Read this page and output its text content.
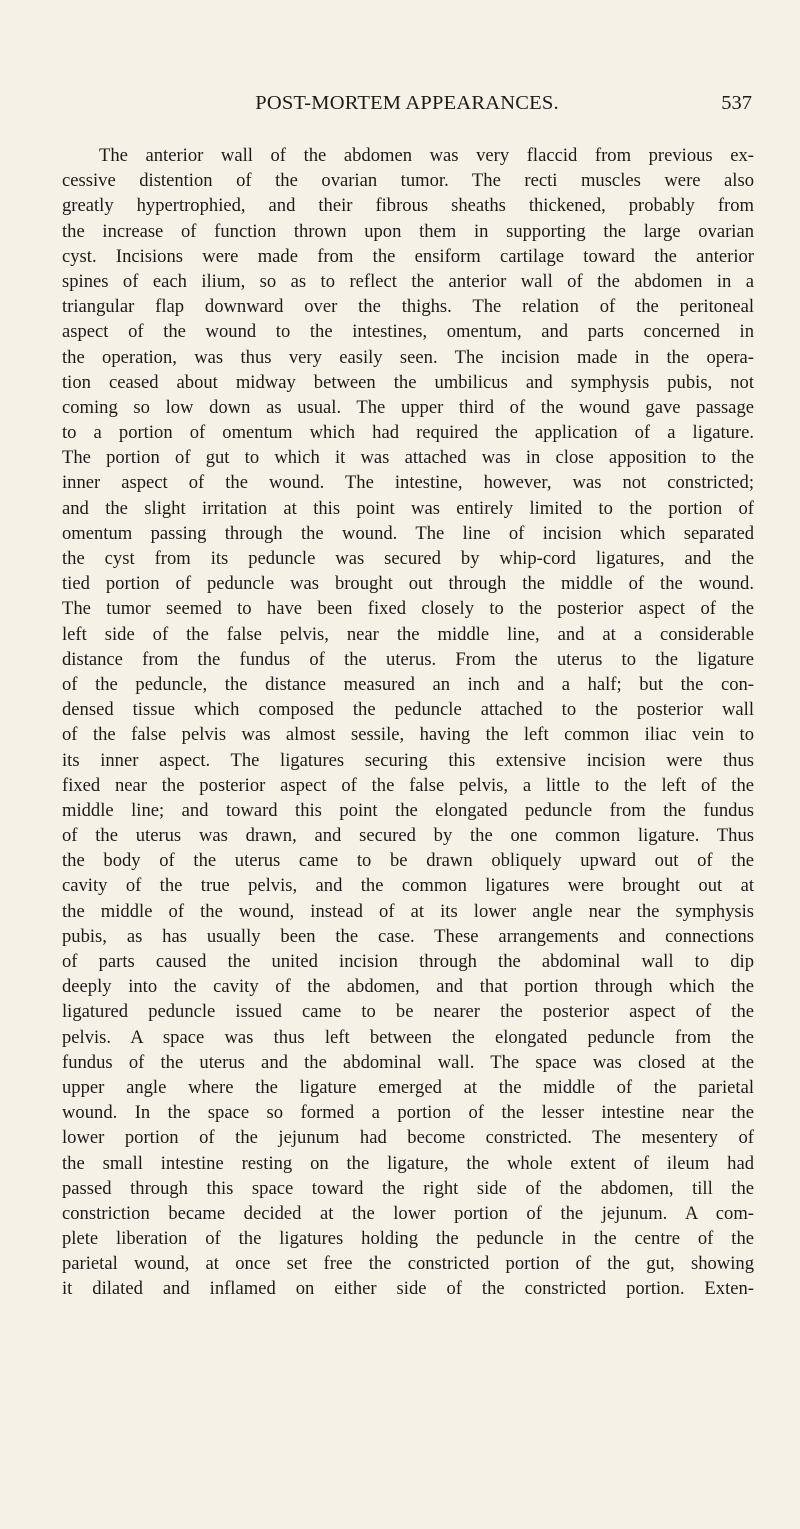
POST-MORTEM APPEARANCES.	537
The anterior wall of the abdomen was very flaccid from previous ex-
cessive distention of the ovarian tumor. The recti muscles were also
greatly hypertrophied, and their fibrous sheaths thickened, probably from
the increase of function thrown upon them in supporting the large ovarian
cyst. Incisions were made from the ensiform cartilage toward the anterior
spines of each ilium, so as to reflect the anterior wall of the abdomen in a
triangular flap downward over the thighs. The relation of the peritoneal
aspect of the wound to the intestines, omentum, and parts concerned in
the operation, was thus very easily seen. The incision made in the opera-
tion ceased about midway between the umbilicus and symphysis pubis, not
coming so low down as usual. The upper third of the wound gave passage
to a portion of omentum which had required the application of a ligature.
The portion of gut to which it was attached was in close apposition to the
inner aspect of the wound. The intestine, however, was not constricted;
and the slight irritation at this point was entirely limited to the portion of
omentum passing through the wound. The line of incision which separated
the cyst from its peduncle was secured by whip-cord ligatures, and the
tied portion of peduncle was brought out through the middle of the wound.
The tumor seemed to have been fixed closely to the posterior aspect of the
left side of the false pelvis, near the middle line, and at a considerable
distance from the fundus of the uterus. From the uterus to the ligature
of the peduncle, the distance measured an inch and a half; but the con-
densed tissue which composed the peduncle attached to the posterior wall
of the false pelvis was almost sessile, having the left common iliac vein to
its inner aspect. The ligatures securing this extensive incision were thus
fixed near the posterior aspect of the false pelvis, a little to the left of the
middle line; and toward this point the elongated peduncle from the fundus
of the uterus was drawn, and secured by the one common ligature. Thus
the body of the uterus came to be drawn obliquely upward out of the
cavity of the true pelvis, and the common ligatures were brought out at
the middle of the wound, instead of at its lower angle near the symphysis
pubis, as has usually been the case. These arrangements and connections
of parts caused the united incision through the abdominal wall to dip
deeply into the cavity of the abdomen, and that portion through which the
ligatured peduncle issued came to be nearer the posterior aspect of the
pelvis. A space was thus left between the elongated peduncle from the
fundus of the uterus and the abdominal wall. The space was closed at the
upper angle where the ligature emerged at the middle of the parietal
wound. In the space so formed a portion of the lesser intestine near the
lower portion of the jejunum had become constricted. The mesentery of
the small intestine resting on the ligature, the whole extent of ileum had
passed through this space toward the right side of the abdomen, till the
constriction became decided at the lower portion of the jejunum. A com-
plete liberation of the ligatures holding the peduncle in the centre of the
parietal wound, at once set free the constricted portion of the gut, showing
it dilated and inflamed on either side of the constricted portion. Exten-
